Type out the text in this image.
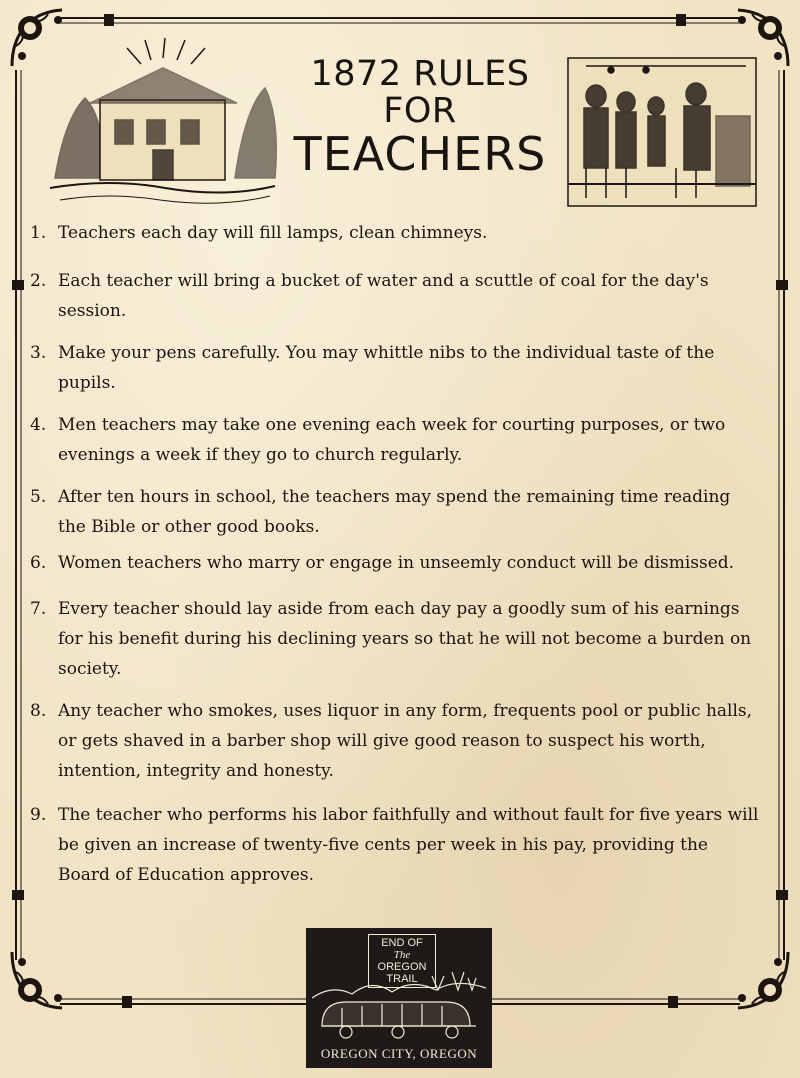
1872 RULES
FOR
TEACHERS
1. Teachers each day will fill lamps, clean chimneys.
2. Each teacher will bring a bucket of water and a scuttle of coal for the day's session.
3. Make your pens carefully. You may whittle nibs to the individual taste of the pupils.
4. Men teachers may take one evening each week for courting purposes, or two evenings a week if they go to church regularly.
5. After ten hours in school, the teachers may spend the remaining time reading the Bible or other good books.
6. Women teachers who marry or engage in unseemly conduct will be dismissed.
7. Every teacher should lay aside from each day pay a goodly sum of his earnings for his benefit during his declining years so that he will not become a burden on society.
8. Any teacher who smokes, uses liquor in any form, frequents pool or public halls, or gets shaved in a barber shop will give good reason to suspect his worth, intention, integrity and honesty.
9. The teacher who performs his labor faithfully and without fault for five years will be given an increase of twenty-five cents per week in his pay, providing the Board of Education approves.
END OF
The
OREGON
TRAIL
OREGON CITY, OREGON
